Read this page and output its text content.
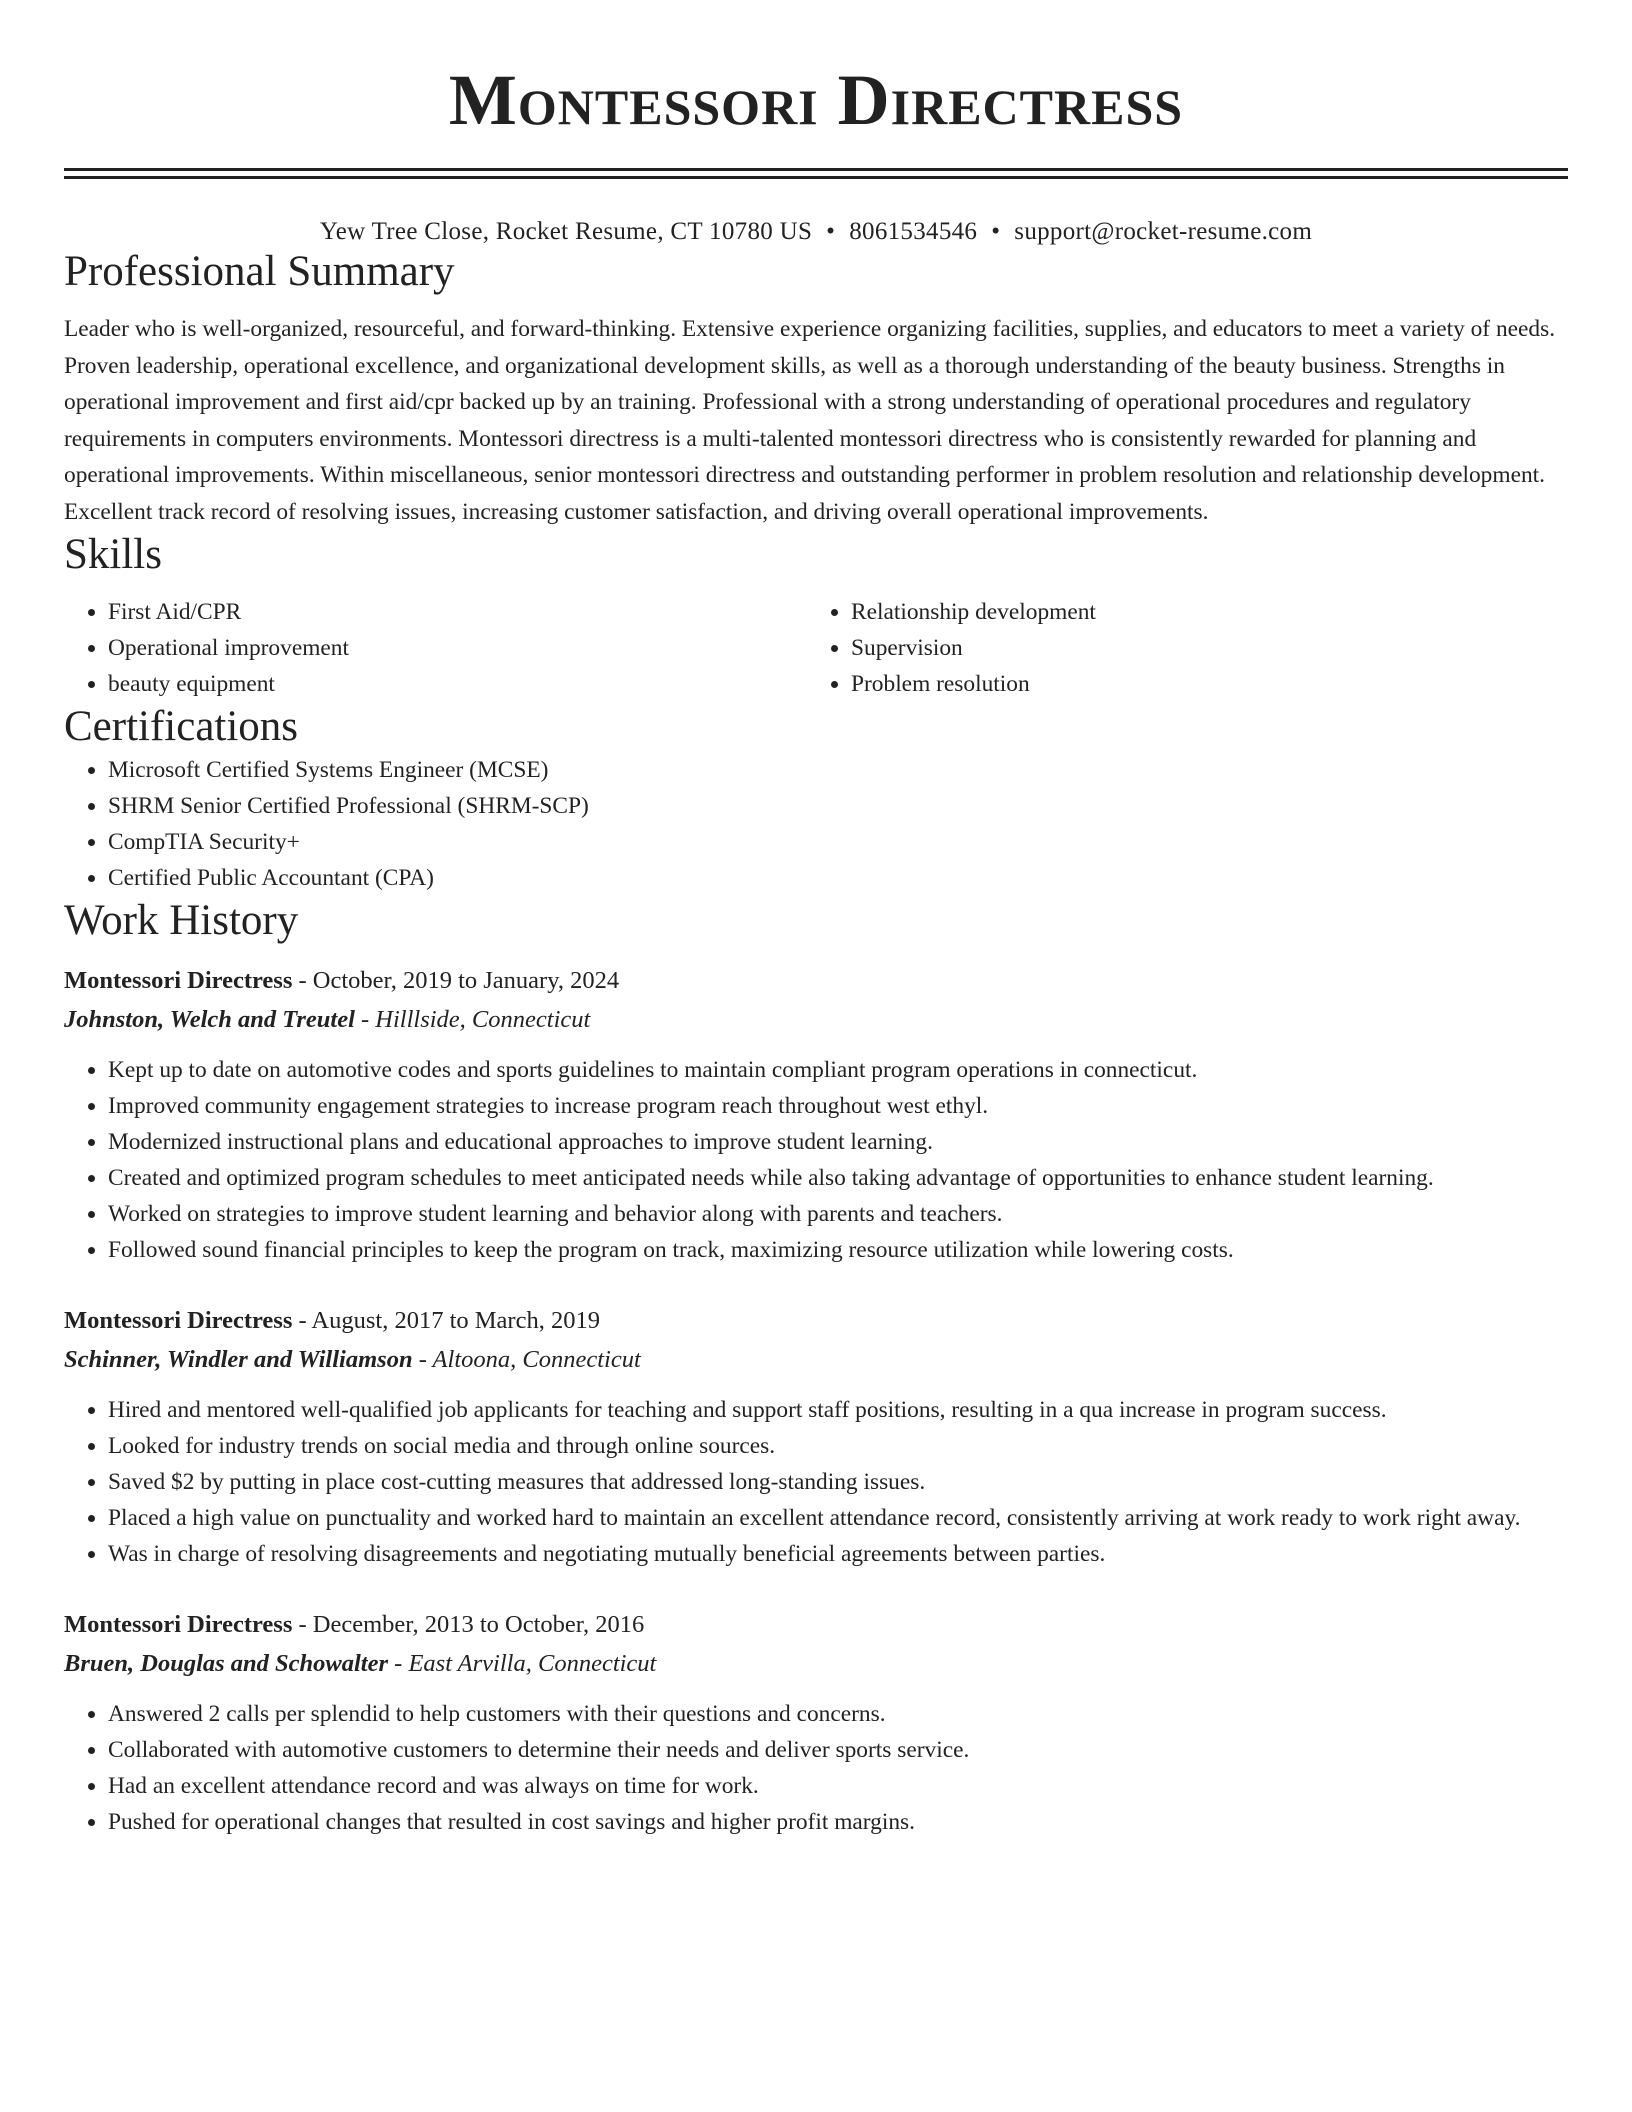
Montessori Directress
Yew Tree Close, Rocket Resume, CT 10780 US • 8061534546 • support@rocket-resume.com
Professional Summary

Leader who is well-organized, resourceful, and forward-thinking. Extensive experience organizing facilities, supplies, and educators to meet a variety of needs. Proven leadership, operational excellence, and organizational development skills, as well as a thorough understanding of the beauty business. Strengths in operational improvement and first aid/cpr backed up by an training. Professional with a strong understanding of operational procedures and regulatory requirements in computers environments. Montessori directress is a multi-talented montessori directress who is consistently rewarded for planning and operational improvements. Within miscellaneous, senior montessori directress and outstanding performer in problem resolution and relationship development. Excellent track record of resolving issues, increasing customer satisfaction, and driving overall operational improvements.

Skills
• First Aid/CPR
• Operational improvement
• beauty equipment
• Relationship development
• Supervision
• Problem resolution
Certifications
• Microsoft Certified Systems Engineer (MCSE)
• SHRM Senior Certified Professional (SHRM-SCP)
• CompTIA Security+
• Certified Public Accountant (CPA)
Work History
Montessori Directress - October, 2019 to January, 2024
Johnston, Welch and Treutel - Hilllside, Connecticut
• Kept up to date on automotive codes and sports guidelines to maintain compliant program operations in connecticut.
• Improved community engagement strategies to increase program reach throughout west ethyl.
• Modernized instructional plans and educational approaches to improve student learning.
• Created and optimized program schedules to meet anticipated needs while also taking advantage of opportunities to enhance student learning.
• Worked on strategies to improve student learning and behavior along with parents and teachers.
• Followed sound financial principles to keep the program on track, maximizing resource utilization while lowering costs.
Montessori Directress - August, 2017 to March, 2019
Schinner, Windler and Williamson - Altoona, Connecticut
• Hired and mentored well-qualified job applicants for teaching and support staff positions, resulting in a qua increase in program success.
• Looked for industry trends on social media and through online sources.
• Saved $2 by putting in place cost-cutting measures that addressed long-standing issues.
• Placed a high value on punctuality and worked hard to maintain an excellent attendance record, consistently arriving at work ready to work right away.
• Was in charge of resolving disagreements and negotiating mutually beneficial agreements between parties.
Montessori Directress - December, 2013 to October, 2016
Bruen, Douglas and Schowalter - East Arvilla, Connecticut
• Answered 2 calls per splendid to help customers with their questions and concerns.
• Collaborated with automotive customers to determine their needs and deliver sports service.
• Had an excellent attendance record and was always on time for work.
• Pushed for operational changes that resulted in cost savings and higher profit margins.
